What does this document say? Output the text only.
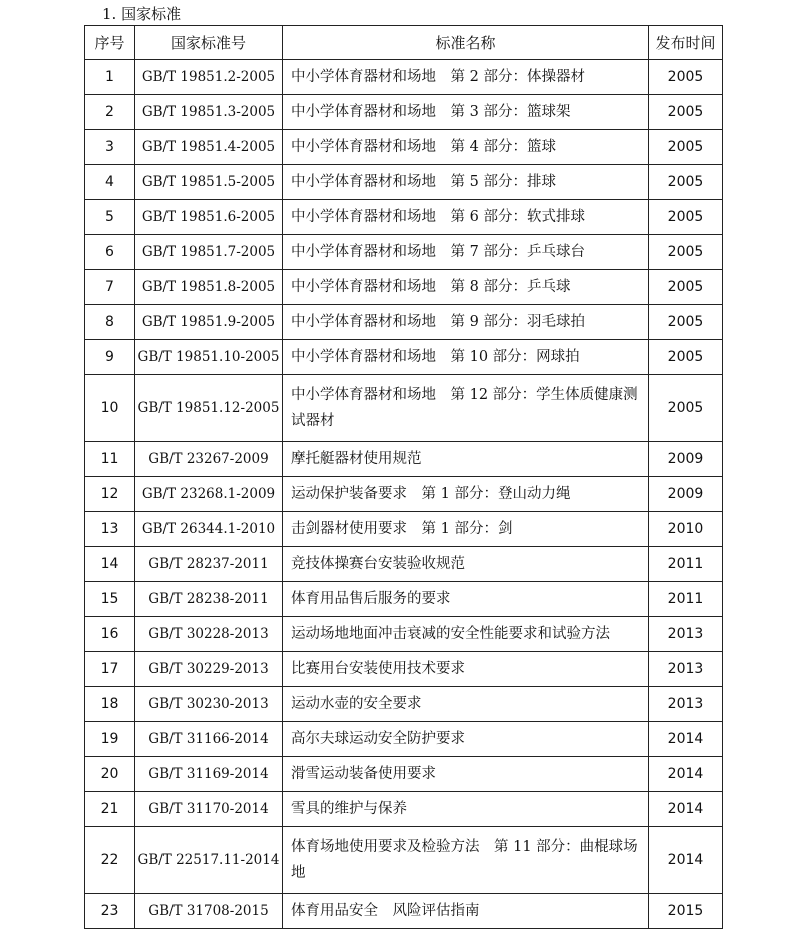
1. 国家标准
序号	国家标准号	标准名称	发布时间
1	GB/T 19851.2-2005	中小学体育器材和场地　第 2 部分：体操器材	2005
2	GB/T 19851.3-2005	中小学体育器材和场地　第 3 部分：篮球架	2005
3	GB/T 19851.4-2005	中小学体育器材和场地　第 4 部分：篮球	2005
4	GB/T 19851.5-2005	中小学体育器材和场地　第 5 部分：排球	2005
5	GB/T 19851.6-2005	中小学体育器材和场地　第 6 部分：软式排球	2005
6	GB/T 19851.7-2005	中小学体育器材和场地　第 7 部分：乒乓球台	2005
7	GB/T 19851.8-2005	中小学体育器材和场地　第 8 部分：乒乓球	2005
8	GB/T 19851.9-2005	中小学体育器材和场地　第 9 部分：羽毛球拍	2005
9	GB/T 19851.10-2005	中小学体育器材和场地　第 10 部分：网球拍	2005
10	GB/T 19851.12-2005	中小学体育器材和场地　第 12 部分：学生体质健康测试器材	2005
11	GB/T 23267-2009	摩托艇器材使用规范	2009
12	GB/T 23268.1-2009	运动保护装备要求　第 1 部分：登山动力绳	2009
13	GB/T 26344.1-2010	击剑器材使用要求　第 1 部分：剑	2010
14	GB/T 28237-2011	竞技体操赛台安装验收规范	2011
15	GB/T 28238-2011	体育用品售后服务的要求	2011
16	GB/T 30228-2013	运动场地地面冲击衰减的安全性能要求和试验方法	2013
17	GB/T 30229-2013	比赛用台安装使用技术要求	2013
18	GB/T 30230-2013	运动水壶的安全要求	2013
19	GB/T 31166-2014	高尔夫球运动安全防护要求	2014
20	GB/T 31169-2014	滑雪运动装备使用要求	2014
21	GB/T 31170-2014	雪具的维护与保养	2014
22	GB/T 22517.11-2014	体育场地使用要求及检验方法　第 11 部分：曲棍球场地	2014
23	GB/T 31708-2015	体育用品安全　风险评估指南	2015
